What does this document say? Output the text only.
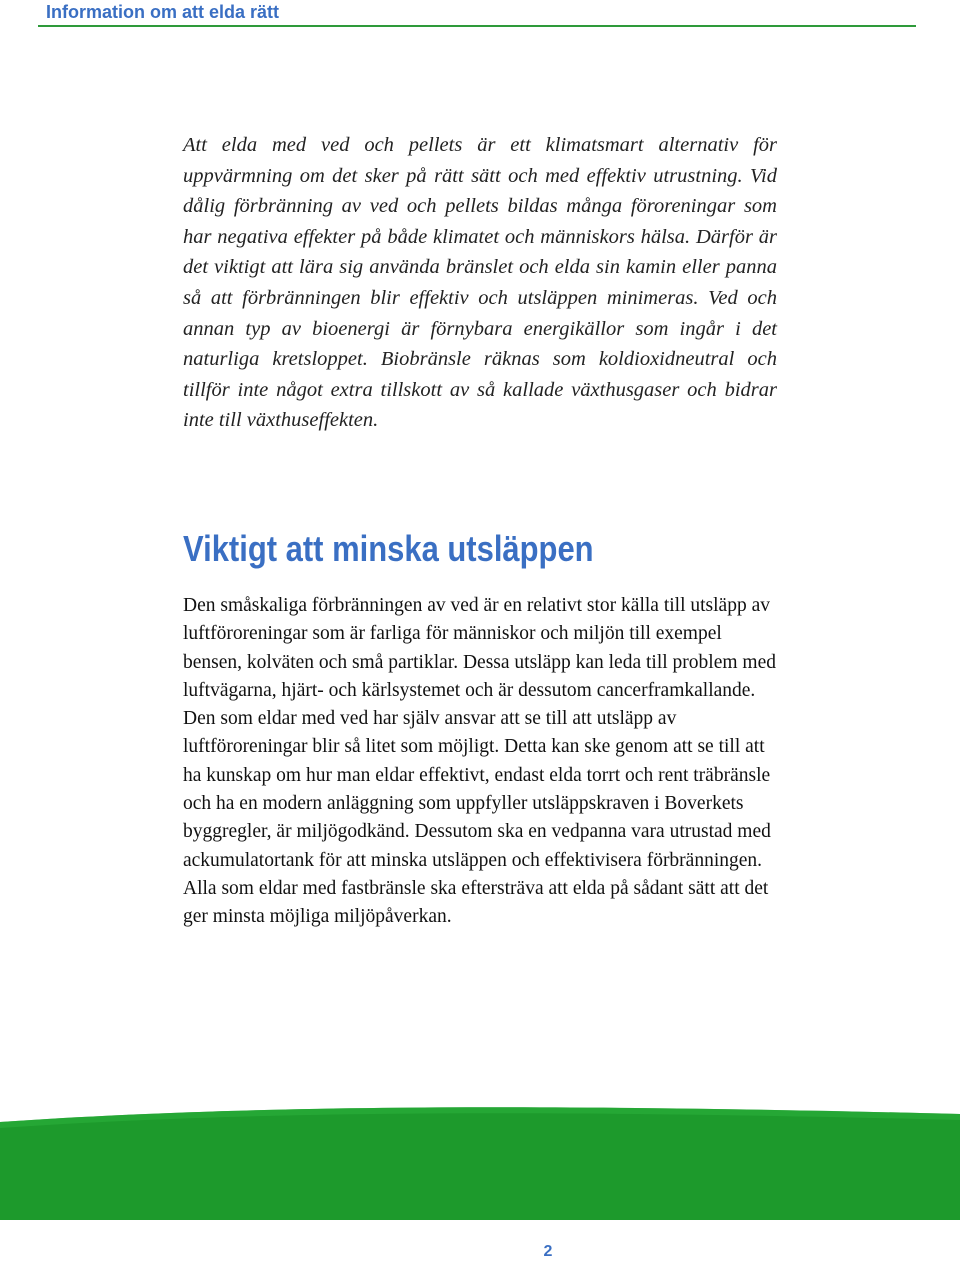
Information om att elda rätt

Att elda med ved och pellets är ett klimatsmart alternativ för uppvärmning om det sker på rätt sätt och med effektiv utrustning. Vid dålig förbränning av ved och pellets bildas många föroreningar som har negativa effekter på både klimatet och människors hälsa. Därför är det viktigt att lära sig använda bränslet och elda sin kamin eller panna så att förbränningen blir effektiv och utsläppen minimeras. Ved och annan typ av bioenergi är förnybara energikällor som ingår i det naturliga kretsloppet. Biobränsle räknas som koldioxidneutral och tillför inte något extra tillskott av så kallade växthusgaser och bidrar inte till växthuseffekten.

Viktigt att minska utsläppen

Den småskaliga förbränningen av ved är en relativt stor källa till utsläpp av luftföroreningar som är farliga för människor och miljön till exempel bensen, kolväten och små partiklar. Dessa utsläpp kan leda till problem med luftvägarna, hjärt- och kärlsystemet och är dessutom cancerframkallande. Den som eldar med ved har själv ansvar att se till att utsläpp av luftföroreningar blir så litet som möjligt. Detta kan ske genom att se till att ha kunskap om hur man eldar effektivt, endast elda torrt och rent träbränsle och ha en modern anläggning som uppfyller utsläppskraven i Boverkets byggregler, är miljögodkänd. Dessutom ska en vedpanna vara utrustad med ackumulatortank för att minska utsläppen och effektivisera förbränningen. Alla som eldar med fastbränsle ska eftersträva att elda på sådant sätt att det ger minsta möjliga miljöpåverkan.

2
